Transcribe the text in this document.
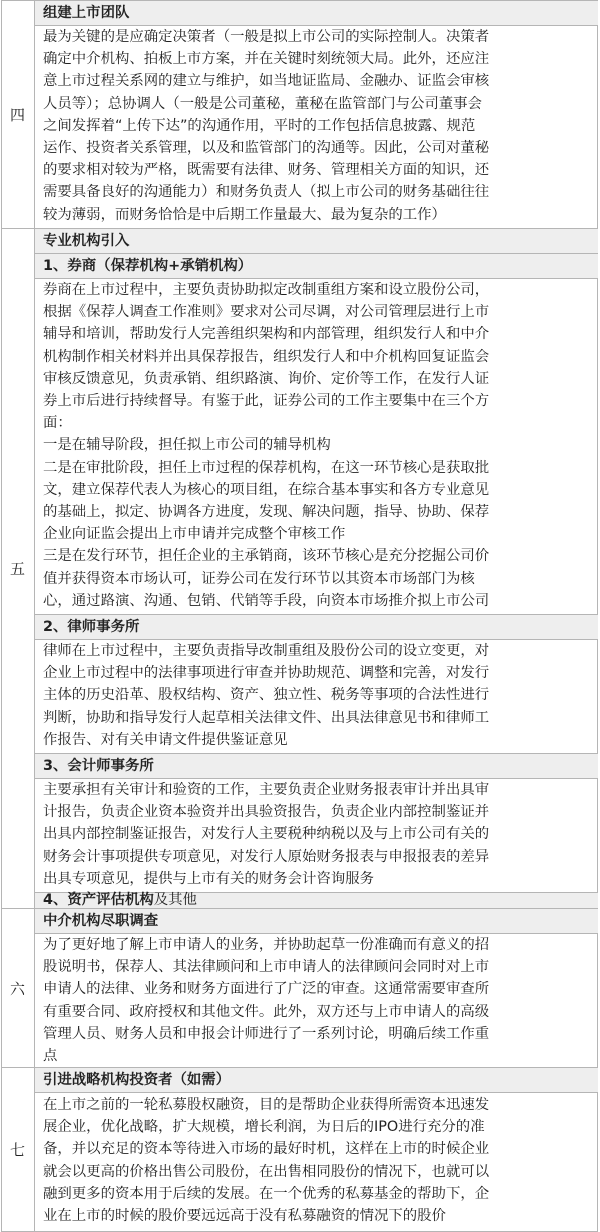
四
组建上市团队
最为关键的是应确定决策者（一般是拟上市公司的实际控制人。决策者
确定中介机构、拍板上市方案，并在关键时刻统领大局。此外，还应注
意上市过程关系网的建立与维护，如当地证监局、金融办、证监会审核
人员等）；总协调人（一般是公司董秘，董秘在监管部门与公司董事会
之间发挥着“上传下达”的沟通作用，平时的工作包括信息披露、规范
运作、投资者关系管理，以及和监管部门的沟通等。因此，公司对董秘
的要求相对较为严格，既需要有法律、财务、管理相关方面的知识，还
需要具备良好的沟通能力）和财务负责人（拟上市公司的财务基础往往
较为薄弱，而财务恰恰是中后期工作量最大、最为复杂的工作）
五
专业机构引入
1、券商（保荐机构+承销机构）
券商在上市过程中，主要负责协助拟定改制重组方案和设立股份公司，
根据《保荐人调查工作准则》要求对公司尽调，对公司管理层进行上市
辅导和培训，帮助发行人完善组织架构和内部管理，组织发行人和中介
机构制作相关材料并出具保荐报告，组织发行人和中介机构回复证监会
审核反馈意见，负责承销、组织路演、询价、定价等工作，在发行人证
券上市后进行持续督导。有鉴于此，证券公司的工作主要集中在三个方
面：
一是在辅导阶段，担任拟上市公司的辅导机构
二是在审批阶段，担任上市过程的保荐机构，在这一环节核心是获取批
文，建立保荐代表人为核心的项目组，在综合基本事实和各方专业意见
的基础上，拟定、协调各方进度，发现、解决问题，指导、协助、保荐
企业向证监会提出上市申请并完成整个审核工作
三是在发行环节，担任企业的主承销商，该环节核心是充分挖掘公司价
值并获得资本市场认可，证券公司在发行环节以其资本市场部门为核
心，通过路演、沟通、包销、代销等手段，向资本市场推介拟上市公司
2、律师事务所
律师在上市过程中，主要负责指导改制重组及股份公司的设立变更，对
企业上市过程中的法律事项进行审查并协助规范、调整和完善，对发行
主体的历史沿革、股权结构、资产、独立性、税务等事项的合法性进行
判断，协助和指导发行人起草相关法律文件、出具法律意见书和律师工
作报告、对有关申请文件提供鉴证意见
3、会计师事务所
主要承担有关审计和验资的工作，主要负责企业财务报表审计并出具审
计报告，负责企业资本验资并出具验资报告，负责企业内部控制鉴证并
出具内部控制鉴证报告，对发行人主要税种纳税以及与上市公司有关的
财务会计事项提供专项意见，对发行人原始财务报表与申报报表的差异
出具专项意见，提供与上市有关的财务会计咨询服务
4、资产评估机构及其他
六
中介机构尽职调查
为了更好地了解上市申请人的业务，并协助起草一份准确而有意义的招
股说明书，保荐人、其法律顾问和上市申请人的法律顾问会同时对上市
申请人的法律、业务和财务方面进行了广泛的审查。这通常需要审查所
有重要合同、政府授权和其他文件。此外，双方还与上市申请人的高级
管理人员、财务人员和申报会计师进行了一系列讨论，明确后续工作重
点
七
引进战略机构投资者（如需）
在上市之前的一轮私募股权融资，目的是帮助企业获得所需资本迅速发
展企业，优化战略，扩大规模，增长利润，为日后的IPO进行充分的准
备，并以充足的资本等待进入市场的最好时机，这样在上市的时候企业
就会以更高的价格出售公司股份，在出售相同股份的情况下，也就可以
融到更多的资本用于后续的发展。在一个优秀的私募基金的帮助下，企
业在上市的时候的股价要远远高于没有私募融资的情况下的股价
